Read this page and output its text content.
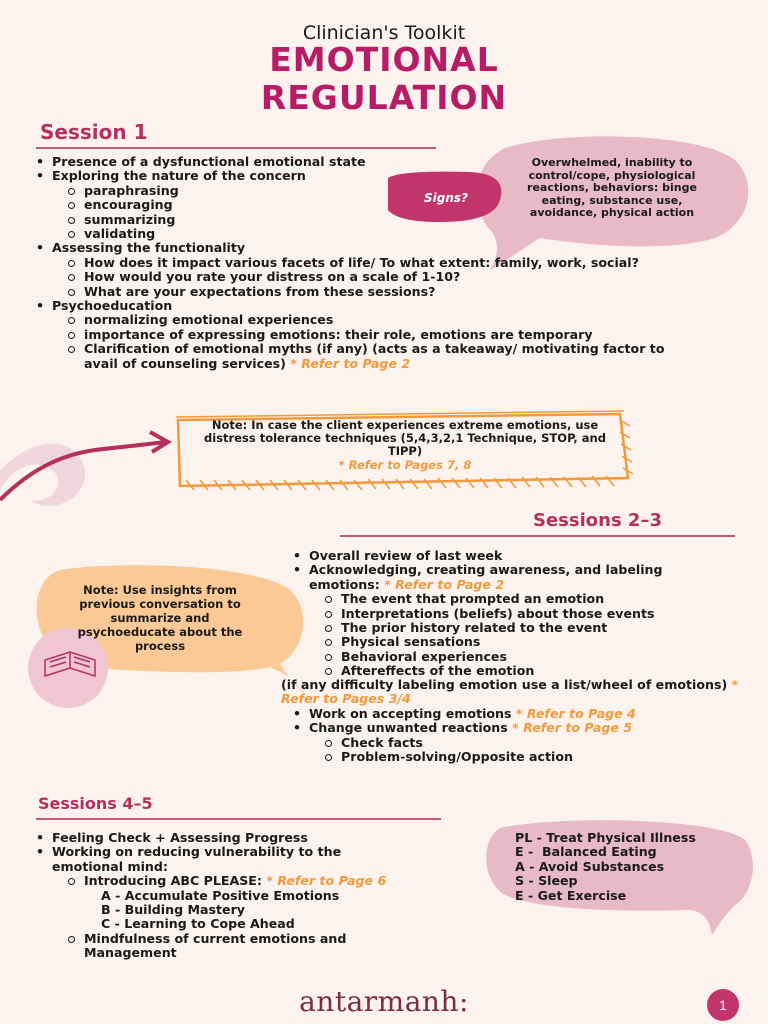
Clinician's Toolkit
EMOTIONAL
REGULATION
Session 1
• Presence of a dysfunctional emotional state
• Exploring the nature of the concern
paraphrasing
encouraging
summarizing
validating
• Assessing the functionality
How does it impact various facets of life/ To what extent: family, work, social?
How would you rate your distress on a scale of 1-10?
What are your expectations from these sessions?
• Psychoeducation
normalizing emotional experiences
importance of expressing emotions: their role, emotions are temporary
Clarification of emotional myths (if any) (acts as a takeaway/ motivating factor to avail of counseling services) * Refer to Page 2
Signs?
Overwhelmed, inability to control/cope, physiological reactions, behaviors: binge eating, substance use, avoidance, physical action
Note: In case the client experiences extreme emotions, use distress tolerance techniques (5,4,3,2,1 Technique, STOP, and TIPP)
* Refer to Pages 7, 8
Sessions 2–3
• Overall review of last week
• Acknowledging, creating awareness, and labeling emotions: * Refer to Page 2
The event that prompted an emotion
Interpretations (beliefs) about those events
The prior history related to the event
Physical sensations
Behavioral experiences
Aftereffects of the emotion
(if any difficulty labeling emotion use a list/wheel of emotions) * Refer to Pages 3/4
• Work on accepting emotions * Refer to Page 4
• Change unwanted reactions * Refer to Page 5
Check facts
Problem-solving/Opposite action
Note: Use insights from previous conversation to summarize and psychoeducate about the process
Sessions 4–5
• Feeling Check + Assessing Progress
• Working on reducing vulnerability to the emotional mind:
Introducing ABC PLEASE: * Refer to Page 6
A - Accumulate Positive Emotions
B - Building Mastery
C - Learning to Cope Ahead
Mindfulness of current emotions and Management
PL - Treat Physical Illness
E -  Balanced Eating
A - Avoid Substances
S - Sleep
E - Get Exercise
antarmanh:	1
